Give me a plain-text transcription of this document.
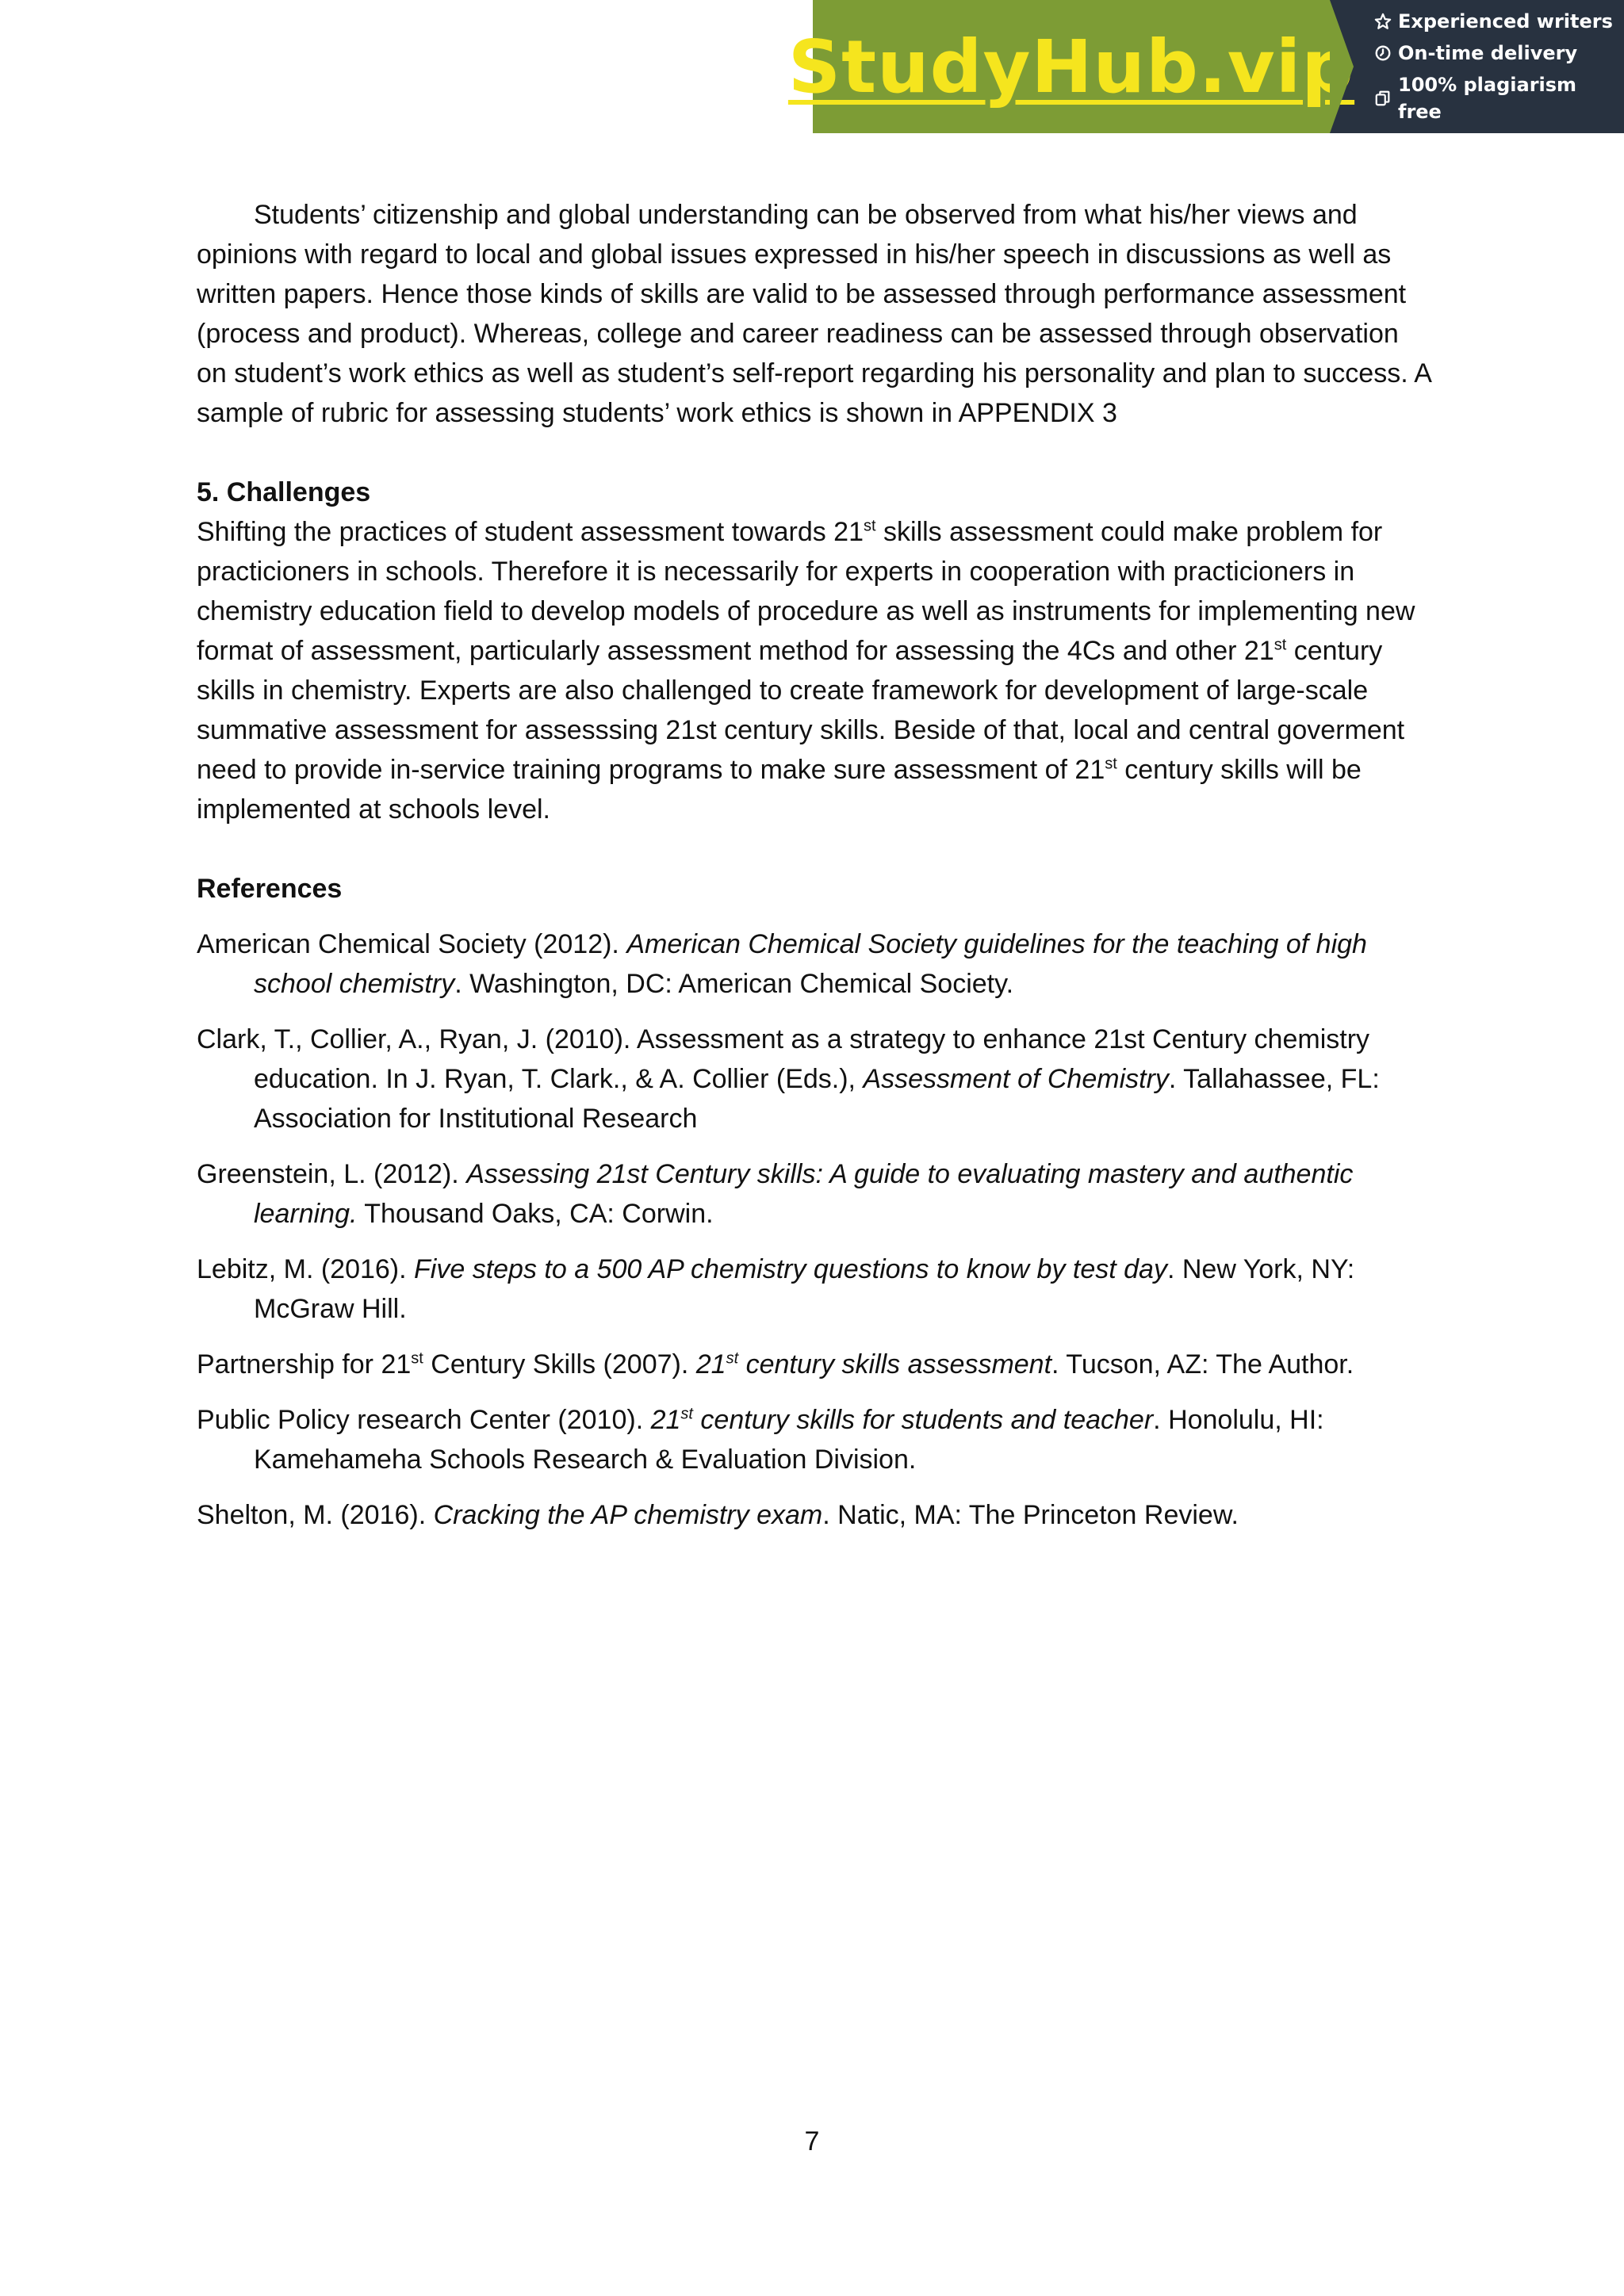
StudyHub.vip
Experienced writers
On-time delivery
100% plagiarism free

Students’ citizenship and global understanding can be observed from what his/her views and opinions with regard to local and global issues expressed in his/her speech in discussions as well as written papers. Hence those kinds of skills are valid to be assessed through performance assessment (process and product). Whereas, college and career readiness can be assessed through observation on student’s work ethics as well as student’s self-report regarding his personality and plan to success. A sample of rubric for assessing students’ work ethics is shown in APPENDIX 3

5. Challenges

Shifting the practices of student assessment towards 21st skills assessment could make problem for practicioners in schools. Therefore it is necessarily for experts in cooperation with practicioners in chemistry education field to develop models of procedure as well as instruments for implementing new format of assessment, particularly assessment method for assessing the 4Cs and other 21st century skills in chemistry. Experts are also challenged to create framework for development of large-scale summative assessment for assesssing 21st century skills. Beside of that, local and central goverment need to provide in-service training programs to make sure assessment of 21st century skills will be implemented at schools level.

References

American Chemical Society (2012). American Chemical Society guidelines for the teaching of high school chemistry. Washington, DC: American Chemical Society.

Clark, T., Collier, A., Ryan, J. (2010). Assessment as a strategy to enhance 21st Century chemistry education. In J. Ryan, T. Clark., & A. Collier (Eds.), Assessment of Chemistry. Tallahassee, FL: Association for Institutional Research

Greenstein, L. (2012). Assessing 21st Century skills: A guide to evaluating mastery and authentic learning. Thousand Oaks, CA: Corwin.

Lebitz, M. (2016). Five steps to a 500 AP chemistry questions to know by test day. New York, NY: McGraw Hill.

Partnership for 21st Century Skills (2007). 21st century skills assessment. Tucson, AZ: The Author.

Public Policy research Center (2010). 21st century skills for students and teacher. Honolulu, HI: Kamehameha Schools Research & Evaluation Division.

Shelton, M. (2016). Cracking the AP chemistry exam. Natic, MA: The Princeton Review.

7
